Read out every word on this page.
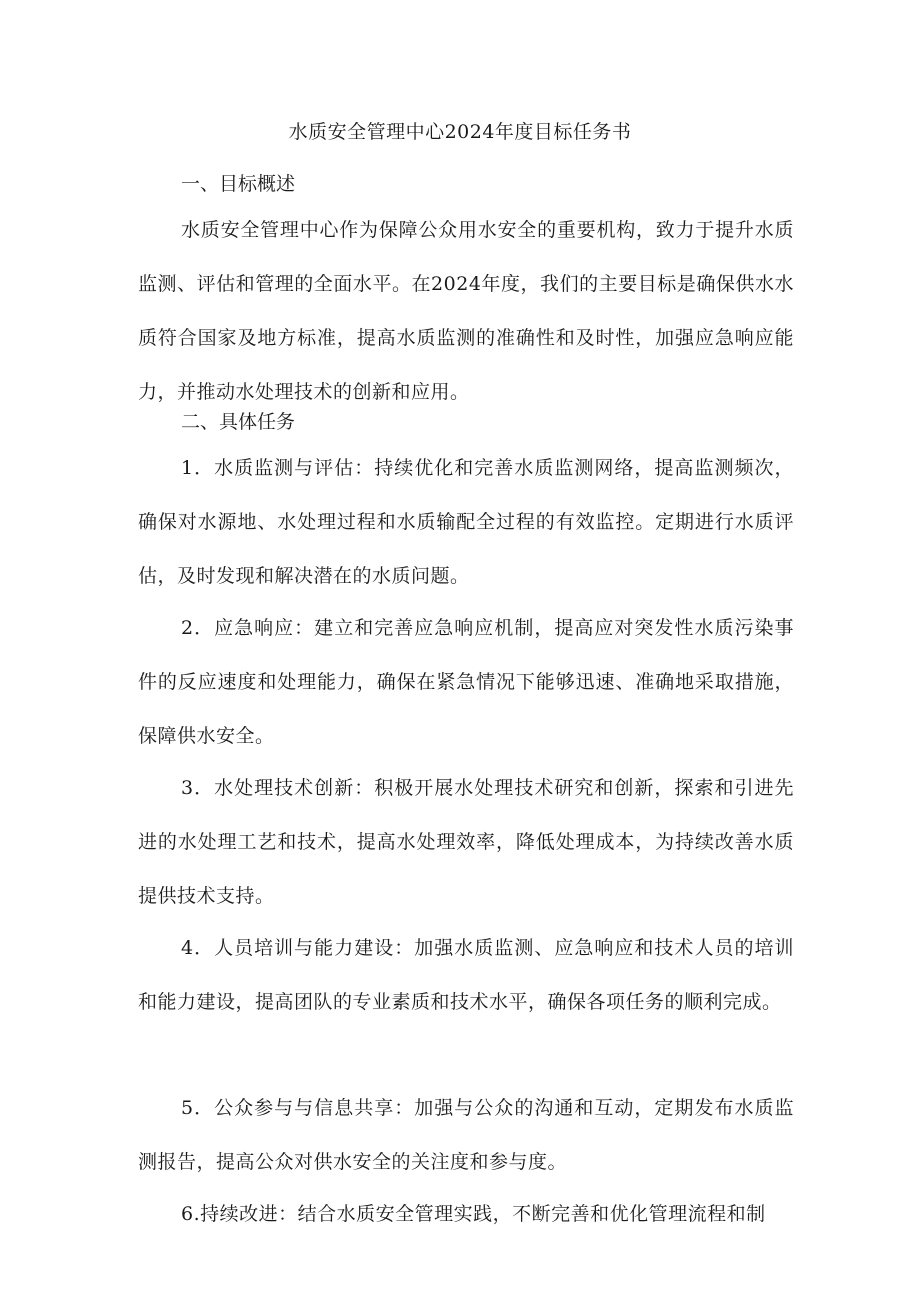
水质安全管理中心2024年度目标任务书

一、目标概述

水质安全管理中心作为保障公众用水安全的重要机构，致力于提升水质监测、评估和管理的全面水平。在2024年度，我们的主要目标是确保供水水质符合国家及地方标准，提高水质监测的准确性和及时性，加强应急响应能力，并推动水处理技术的创新和应用。

二、具体任务

1．水质监测与评估：持续优化和完善水质监测网络，提高监测频次，确保对水源地、水处理过程和水质输配全过程的有效监控。定期进行水质评估，及时发现和解决潜在的水质问题。

2．应急响应：建立和完善应急响应机制，提高应对突发性水质污染事件的反应速度和处理能力，确保在紧急情况下能够迅速、准确地采取措施，保障供水安全。

3．水处理技术创新：积极开展水处理技术研究和创新，探索和引进先进的水处理工艺和技术，提高水处理效率，降低处理成本，为持续改善水质提供技术支持。

4．人员培训与能力建设：加强水质监测、应急响应和技术人员的培训和能力建设，提高团队的专业素质和技术水平，确保各项任务的顺利完成。

5．公众参与与信息共享：加强与公众的沟通和互动，定期发布水质监测报告，提高公众对供水安全的关注度和参与度。

6.持续改进：结合水质安全管理实践，不断完善和优化管理流程和制
